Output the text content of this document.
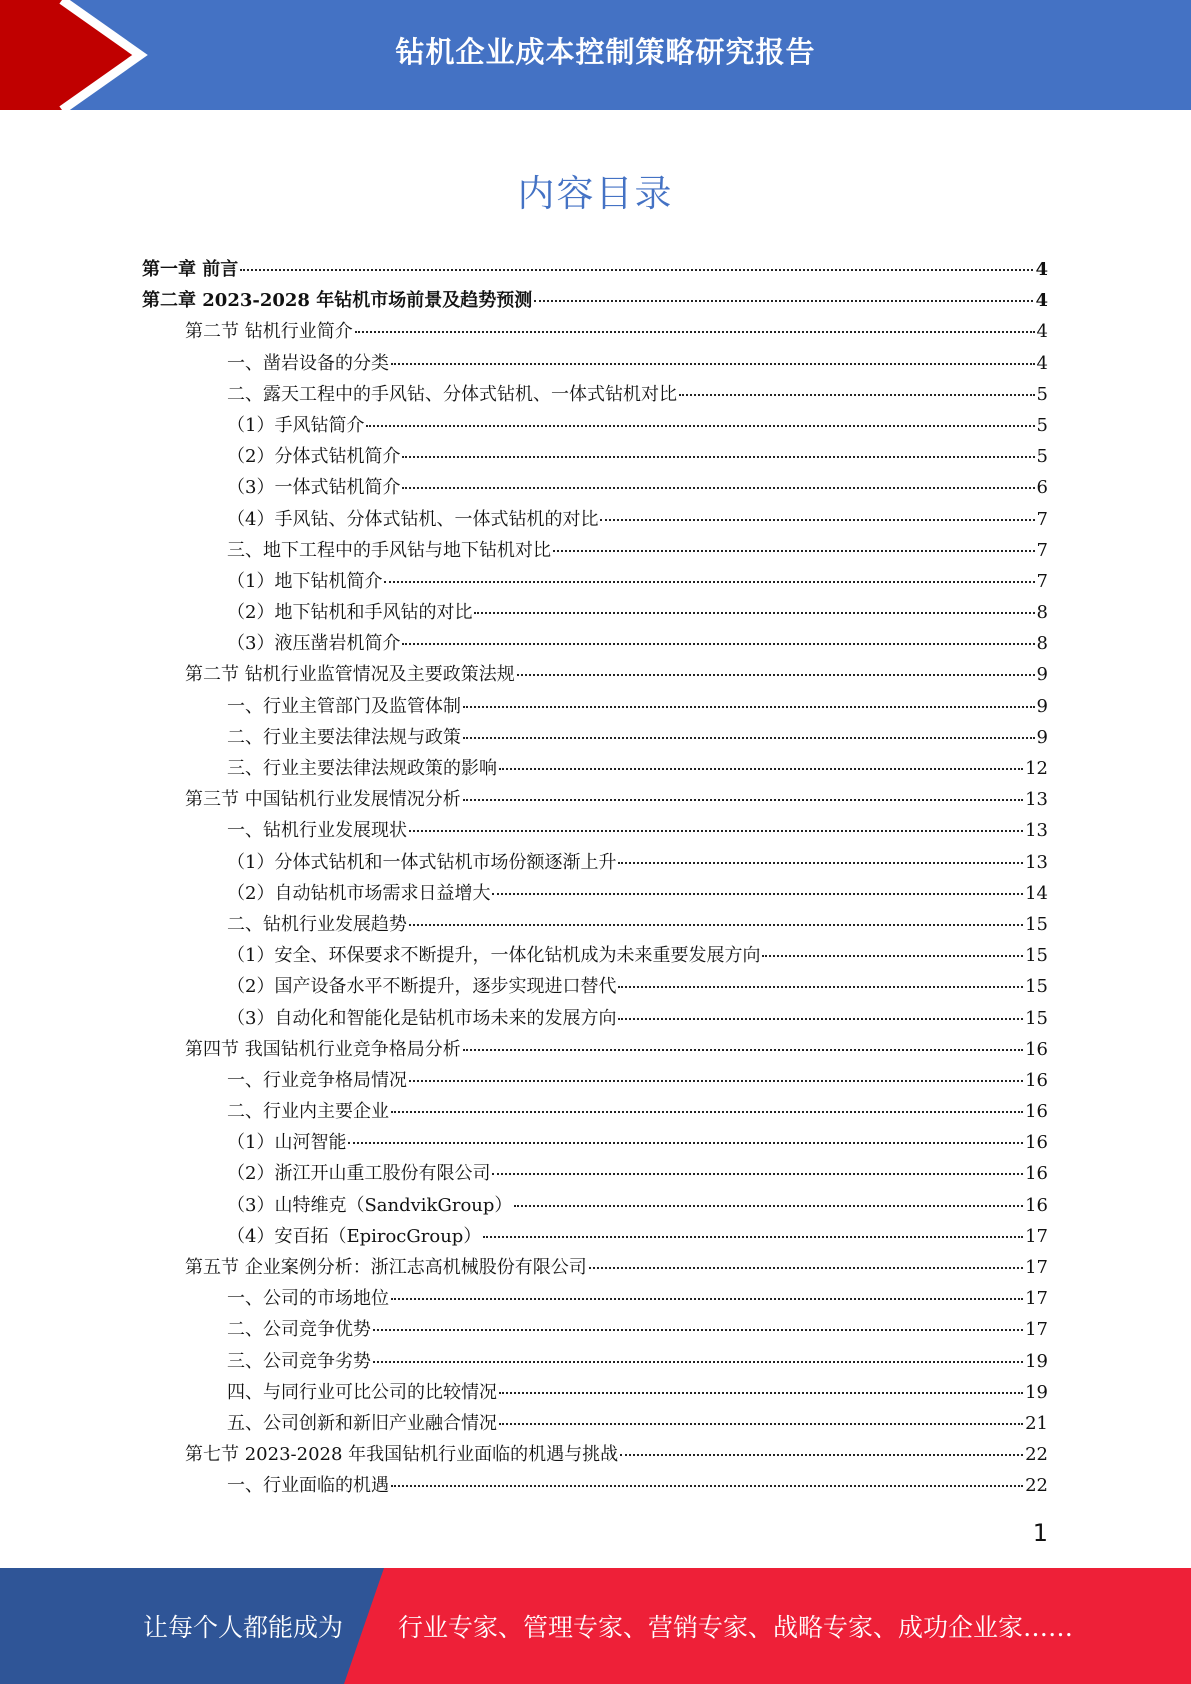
钻机企业成本控制策略研究报告
内容目录
第一章 前言	4
第二章 2023-2028 年钻机市场前景及趋势预测	4
第二节 钻机行业简介	4
一、凿岩设备的分类	4
二、露天工程中的手风钻、分体式钻机、一体式钻机对比	5
（1）手风钻简介	5
（2）分体式钻机简介	5
（3）一体式钻机简介	6
（4）手风钻、分体式钻机、一体式钻机的对比	7
三、地下工程中的手风钻与地下钻机对比	7
（1）地下钻机简介	7
（2）地下钻机和手风钻的对比	8
（3）液压凿岩机简介	8
第二节 钻机行业监管情况及主要政策法规	9
一、行业主管部门及监管体制	9
二、行业主要法律法规与政策	9
三、行业主要法律法规政策的影响	12
第三节 中国钻机行业发展情况分析	13
一、钻机行业发展现状	13
（1）分体式钻机和一体式钻机市场份额逐渐上升	13
（2）自动钻机市场需求日益增大	14
二、钻机行业发展趋势	15
（1）安全、环保要求不断提升，一体化钻机成为未来重要发展方向	15
（2）国产设备水平不断提升，逐步实现进口替代	15
（3）自动化和智能化是钻机市场未来的发展方向	15
第四节 我国钻机行业竞争格局分析	16
一、行业竞争格局情况	16
二、行业内主要企业	16
（1）山河智能	16
（2）浙江开山重工股份有限公司	16
（3）山特维克（SandvikGroup）	16
（4）安百拓（EpirocGroup）	17
第五节 企业案例分析：浙江志高机械股份有限公司	17
一、公司的市场地位	17
二、公司竞争优势	17
三、公司竞争劣势	19
四、与同行业可比公司的比较情况	19
五、公司创新和新旧产业融合情况	21
第七节 2023-2028 年我国钻机行业面临的机遇与挑战	22
一、行业面临的机遇	22
1
让每个人都能成为 行业专家、管理专家、营销专家、战略专家、成功企业家……
